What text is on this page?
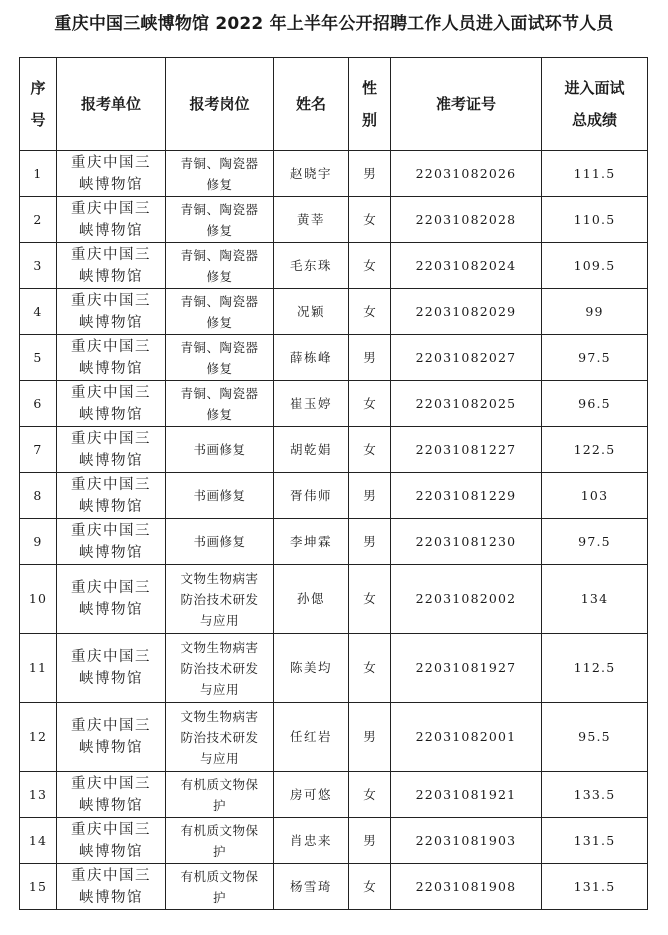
重庆中国三峡博物馆 2022 年上半年公开招聘工作人员进入面试环节人员
序
号	报考单位	报考岗位	姓名	性
别	准考证号	进入面试
总成绩
1	重庆中国三
峡博物馆	青铜、陶瓷器
修复	赵晓宇	男	22031082026	111.5
2	重庆中国三
峡博物馆	青铜、陶瓷器
修复	黄莘	女	22031082028	110.5
3	重庆中国三
峡博物馆	青铜、陶瓷器
修复	毛东珠	女	22031082024	109.5
4	重庆中国三
峡博物馆	青铜、陶瓷器
修复	况颖	女	22031082029	99
5	重庆中国三
峡博物馆	青铜、陶瓷器
修复	薛栋峰	男	22031082027	97.5
6	重庆中国三
峡博物馆	青铜、陶瓷器
修复	崔玉婷	女	22031082025	96.5
7	重庆中国三
峡博物馆	书画修复	胡乾娟	女	22031081227	122.5
8	重庆中国三
峡博物馆	书画修复	胥伟师	男	22031081229	103
9	重庆中国三
峡博物馆	书画修复	李坤霖	男	22031081230	97.5
10	重庆中国三
峡博物馆	文物生物病害
防治技术研发
与应用	孙偲	女	22031082002	134
11	重庆中国三
峡博物馆	文物生物病害
防治技术研发
与应用	陈美均	女	22031081927	112.5
12	重庆中国三
峡博物馆	文物生物病害
防治技术研发
与应用	任红岩	男	22031082001	95.5
13	重庆中国三
峡博物馆	有机质文物保
护	房可悠	女	22031081921	133.5
14	重庆中国三
峡博物馆	有机质文物保
护	肖忠来	男	22031081903	131.5
15	重庆中国三
峡博物馆	有机质文物保
护	杨雪琦	女	22031081908	131.5
